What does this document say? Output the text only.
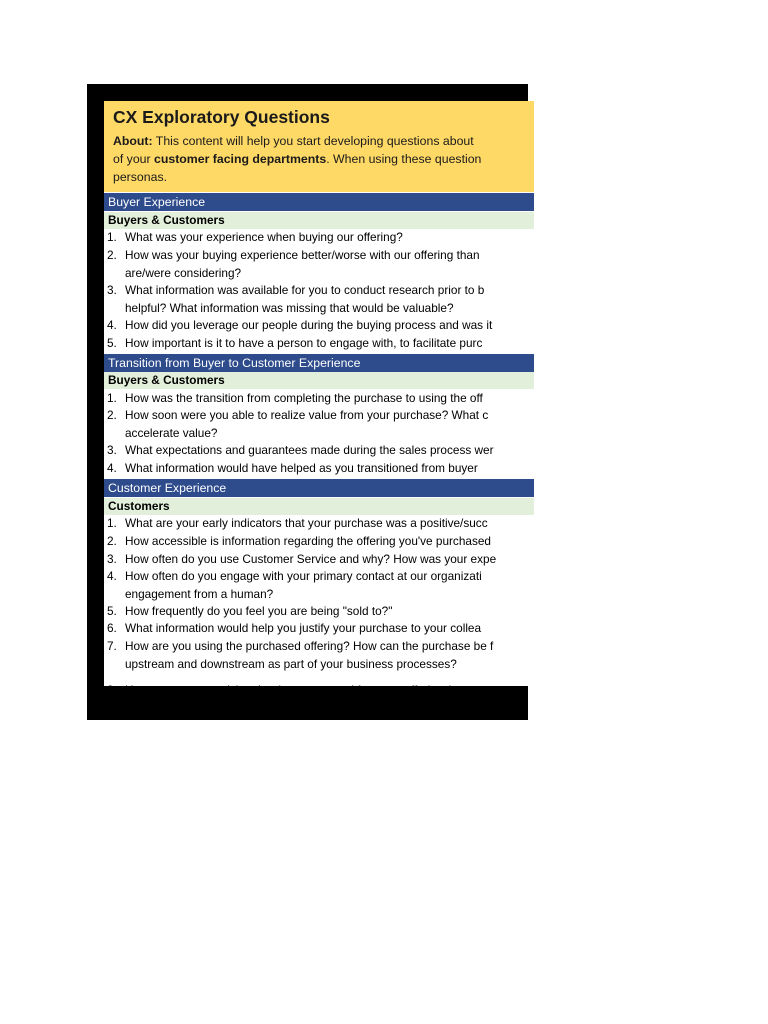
CX Exploratory Questions
About: This content will help you start developing questions about
of your customer facing departments. When using these question
personas.
Buyer Experience
Buyers & Customers
1. What was your experience when buying our offering?
2. How was your buying experience better/worse with our offering than
are/were considering?
3. What information was available for you to conduct research prior to b
helpful? What information was missing that would be valuable?
4. How did you leverage our people during the buying process and was it
5. How important is it to have a person to engage with, to facilitate purc
Transition from Buyer to Customer Experience
Buyers & Customers
1. How was the transition from completing the purchase to using the off
2. How soon were you able to realize value from your purchase? What c
accelerate value?
3. What expectations and guarantees made during the sales process wer
4. What information would have helped as you transitioned from buyer
Customer Experience
Customers
1. What are your early indicators that your purchase was a positive/succ
2. How accessible is information regarding the offering you've purchased
3. How often do you use Customer Service and why? How was your expe
4. How often do you engage with your primary contact at our organizati
engagement from a human?
5. How frequently do you feel you are being "sold to?"
6. What information would help you justify your purchase to your collea
7. How are you using the purchased offering? How can the purchase be f
upstream and downstream as part of your business processes?
8. How are you monetizing the data generated from our offering (assum
